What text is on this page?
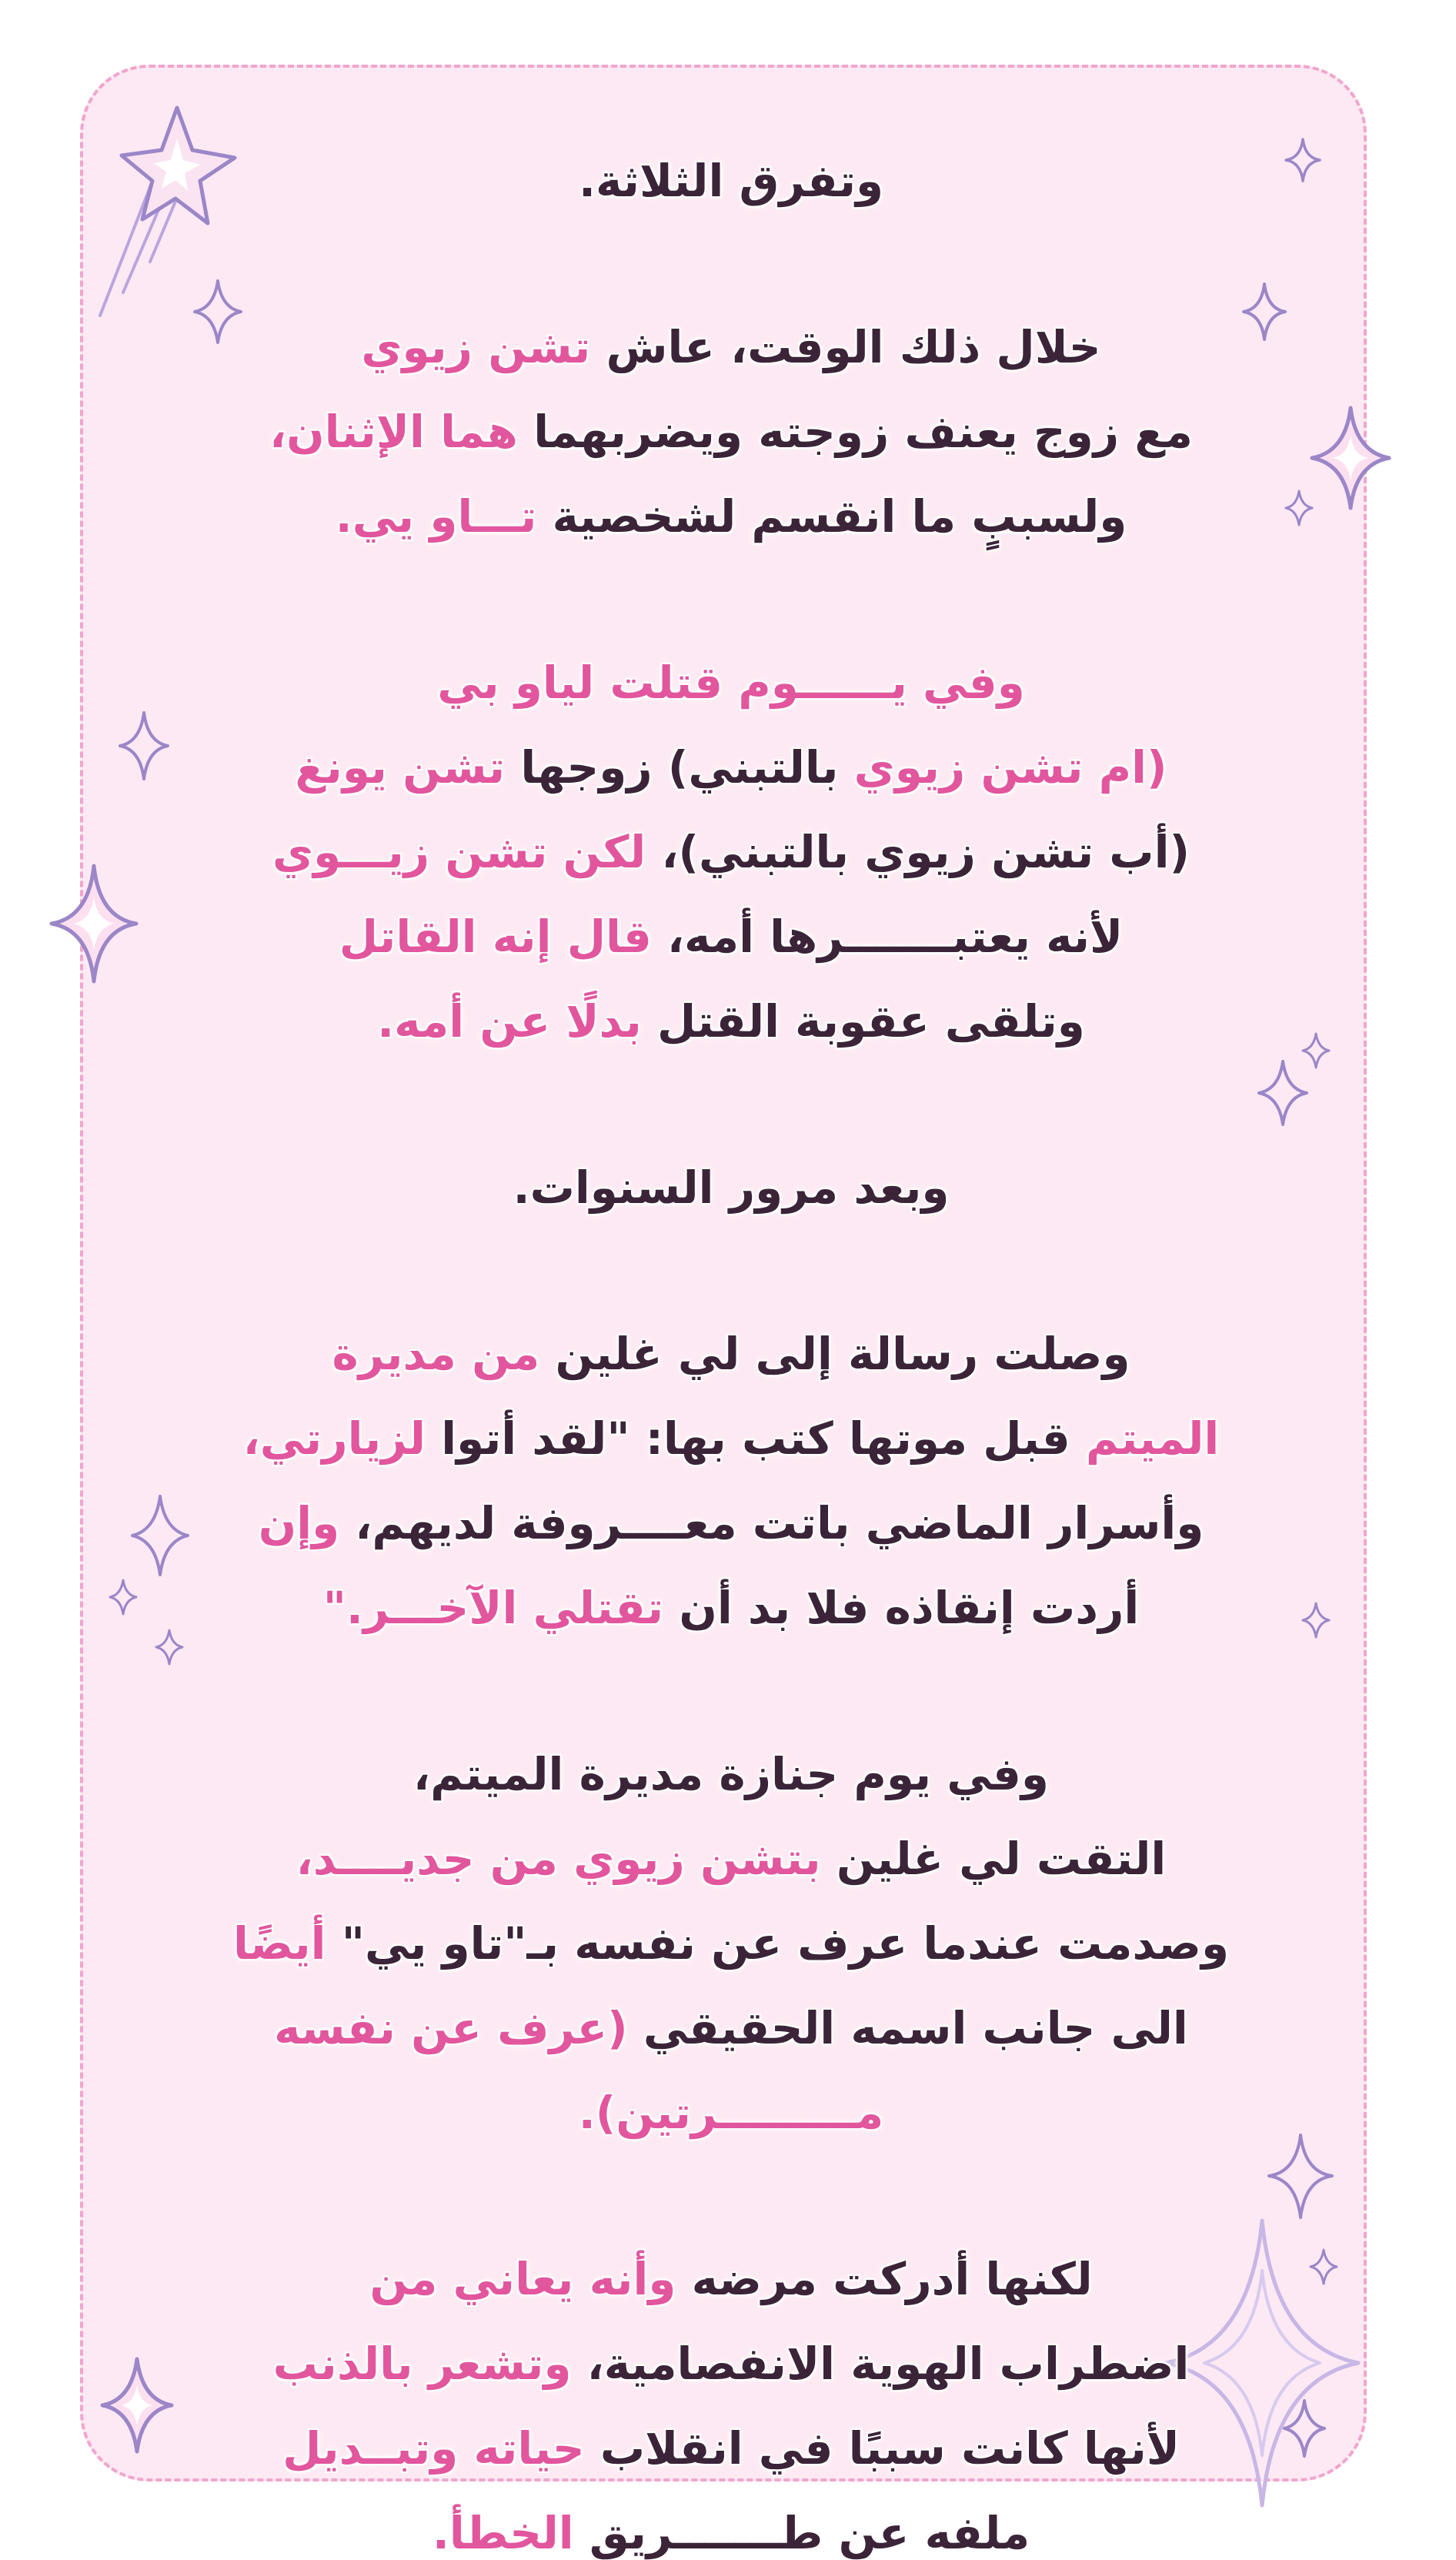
وتفرق الثلاثة.
خلال ذلك الوقت، عاش تشن زيوي
مع زوج يعنف زوجته ويضربهما هما الإثنان،
ولسببٍ ما انقسم لشخصية تـــاو يي.
وفي يــــــوم قتلت لياو بي
(ام تشن زيوي بالتبني) زوجها تشن يونغ
(أب تشن زيوي بالتبني)، لكن تشن زيـــوي
لأنه يعتبـــــــرها أمه، قال إنه القاتل
وتلقى عقوبة القتل بدلًا عن أمه.
وبعد مرور السنوات.
وصلت رسالة إلى لي غلين من مديرة
الميتم قبل موتها كتب بها: "لقد أتوا لزيارتي،
وأسرار الماضي باتت معــــروفة لديهم، وإن
أردت إنقاذه فلا بد أن تقتلي الآخـــر."
وفي يوم جنازة مديرة الميتم،
التقت لي غلين بتشن زيوي من جديــــد،
وصدمت عندما عرف عن نفسه بـ"تاو يي" أيضًا
الى جانب اسمه الحقيقي (عرف عن نفسه
مـــــــــرتين).
لكنها أدركت مرضه وأنه يعاني من
اضطراب الهوية الانفصامية، وتشعر بالذنب
لأنها كانت سببًا في انقلاب حياته وتبــديل
ملفه عن طـــــــريق الخطأ.
